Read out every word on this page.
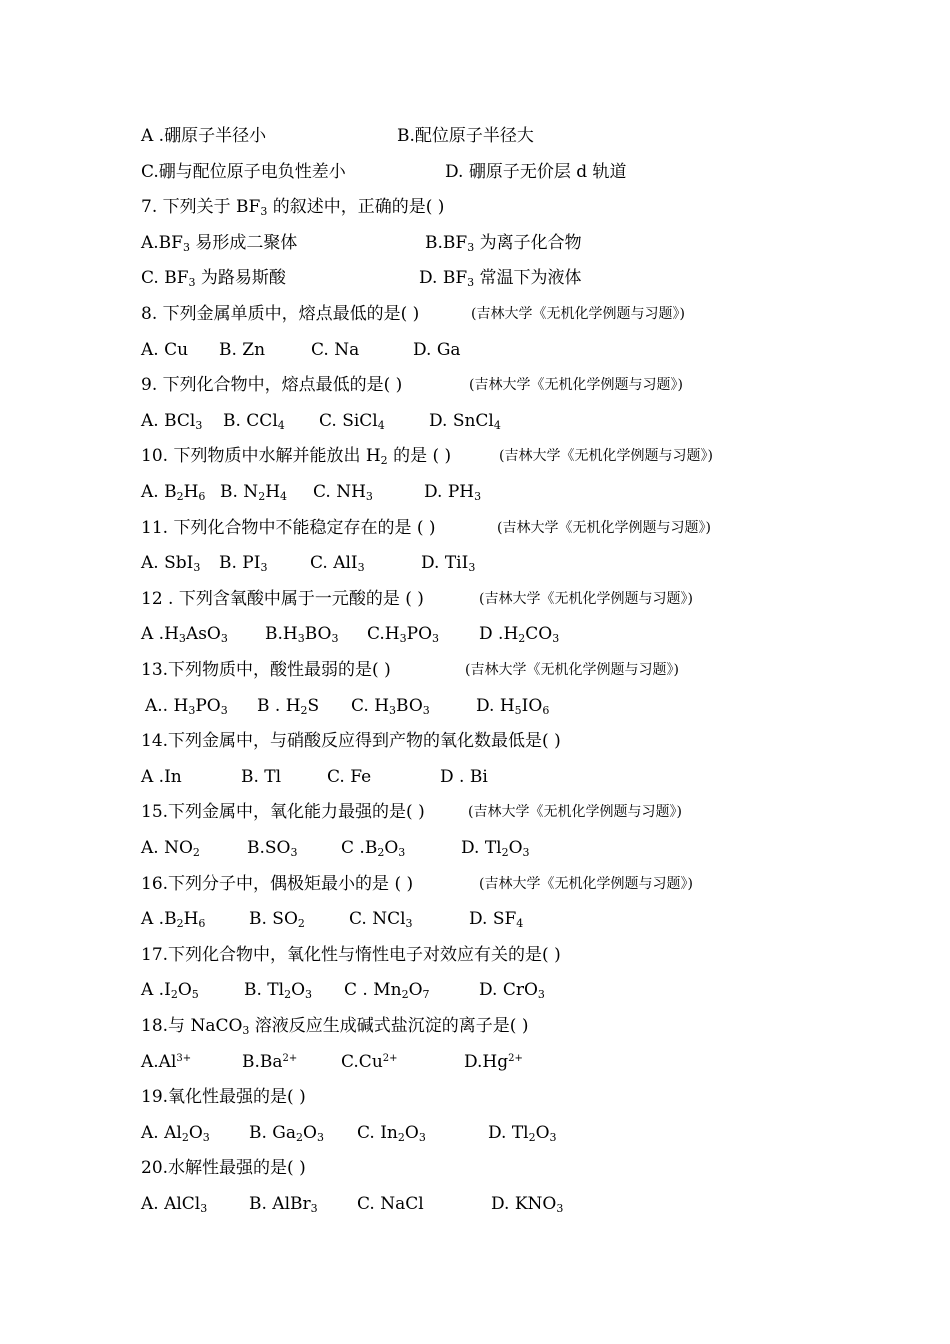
A .硼原子半径小	B.配位原子半径大
C.硼与配位原子电负性差小	D. 硼原子无价层 d 轨道
7. 下列关于 $BF_3$ 的叙述中，正确的是( )
$A.BF_3$ 易形成二聚体	$B.BF_3$ 为离子化合物
C. $BF_3$ 为路易斯酸	D. $BF_3$ 常温下为液体
8. 下列金属单质中，熔点最低的是( )	(吉林大学《无机化学例题与习题》)
A. Cu B. Zn	C. Na	D. Ga
9. 下列化合物中，熔点最低的是( )	(吉林大学《无机化学例题与习题》)
A. BCl$_3$ B. CCl$_4$ C. SiCl$_4$	D. SnCl$_4$
10. 下列物质中水解并能放出 $H_2$ 的是 ( )	(吉林大学《无机化学例题与习题》)
A. $B_2H_6$ B. $N_2H_4$ C. $NH_3$	D. $PH_3$
11. 下列化合物中不能稳定存在的是 ( )	(吉林大学《无机化学例题与习题》)
A. SbI$_3$ B. $PI_3$	C. AlI$_3$	D. TiI$_3$
12 . 下列含氧酸中属于一元酸的是 ( )	(吉林大学《无机化学例题与习题》)
A $.H_3AsO_3$ $B.H_3BO_3$ $C.H_3PO_3$ D $.H_2CO_3$
13.下列物质中，酸性最弱的是( )	(吉林大学《无机化学例题与习题》)
A.. $H_3PO_3$ B . $H_2S$ C. $H_3BO_3$	D. $H_5IO_6$
14.下列金属中，与硝酸反应得到产物的氧化数最低是( )
A .In	B. Tl	C. Fe	D . Bi
15.下列金属中，氧化能力最强的是( )	(吉林大学《无机化学例题与习题》)
A. $NO_2$	$B.SO_3$	C $.B_2O_3$	D. $Tl_2O_3$
16.下列分子中，偶极矩最小的是 ( )	(吉林大学《无机化学例题与习题》)
A $.B_2H_6$	B. $SO_2$	C. NCl$_3$	D. $SF_4$
17.下列化合物中，氧化性与惰性电子对效应有关的是( )
A $.I_2O_5$	B. $Tl_2O_3$ C . $Mn_2O_7$	D. CrO$_3$
18.与 NaCO$_3$ 溶液反应生成碱式盐沉淀的离子是( )
$A.Al^{3+}$	$B.Ba^{2+}$	$C.Cu^{2+}$	$D.Hg^{2+}$
19.氧化性最强的是( )
A. $Al_2O_3$ B. $Ga_2O_3$ C. $In_2O_3$	D. $Tl_2O_3$
20.水解性最强的是( )
A. AlCl$_3$ B. AlBr$_3$ C. NaCl	D. $KNO_3$
